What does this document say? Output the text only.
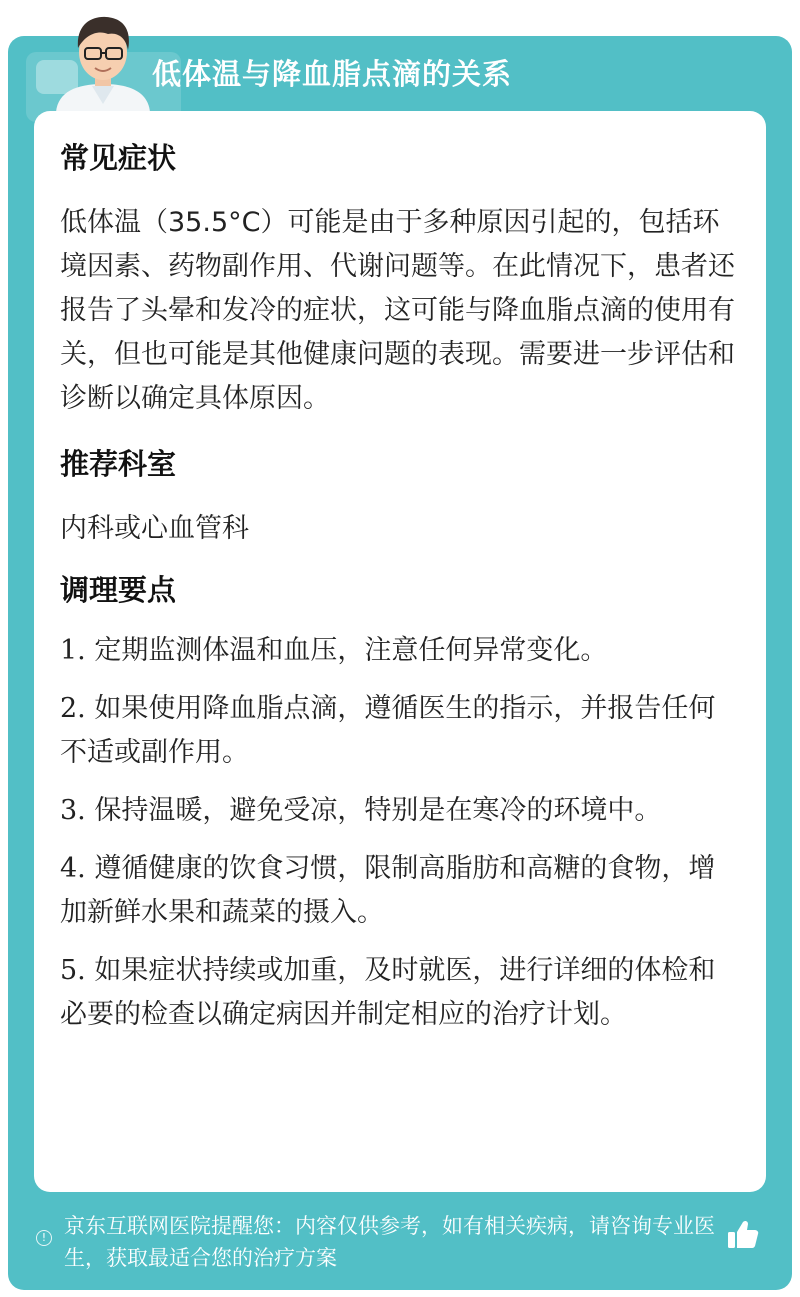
低体温与降血脂点滴的关系
常见症状

低体温（35.5°C）可能是由于多种原因引起的，包括环境因素、药物副作用、代谢问题等。在此情况下，患者还报告了头晕和发冷的症状，这可能与降血脂点滴的使用有关，但也可能是其他健康问题的表现。需要进一步评估和诊断以确定具体原因。

推荐科室

内科或心血管科

调理要点
1. 定期监测体温和血压，注意任何异常变化。
2. 如果使用降血脂点滴，遵循医生的指示，并报告任何不适或副作用。
3. 保持温暖，避免受凉，特别是在寒冷的环境中。
4. 遵循健康的饮食习惯，限制高脂肪和高糖的食物，增加新鲜水果和蔬菜的摄入。
5. 如果症状持续或加重，及时就医，进行详细的体检和必要的检查以确定病因并制定相应的治疗计划。
! 京东互联网医院提醒您：内容仅供参考，如有相关疾病，请咨询专业医生，获取最适合您的治疗方案
